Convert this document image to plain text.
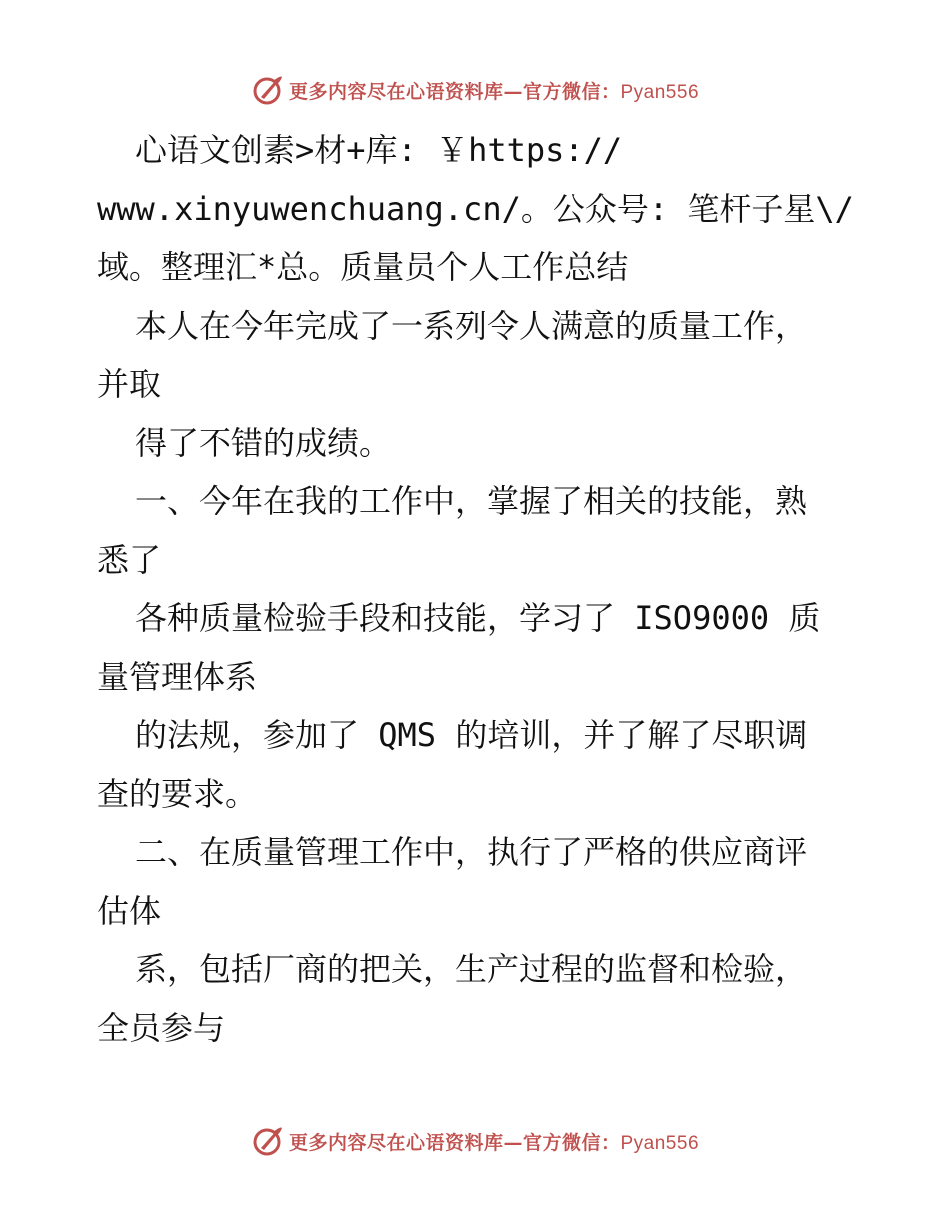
更多内容尽在心语资料库—官方微信：Pyan556
心语文创素>材+库: ￥https://
www.xinyuwenchuang.cn/。公众号: 笔杆子星\/
域。整理汇*总。质量员个人工作总结
本人在今年完成了一系列令人满意的质量工作，
并取
得了不错的成绩。
一、今年在我的工作中，掌握了相关的技能，熟
悉了
各种质量检验手段和技能，学习了 ISO9000 质
量管理体系
的法规，参加了 QMS 的培训，并了解了尽职调
查的要求。
二、在质量管理工作中，执行了严格的供应商评
估体
系，包括厂商的把关，生产过程的监督和检验，
全员参与
更多内容尽在心语资料库—官方微信：Pyan556
